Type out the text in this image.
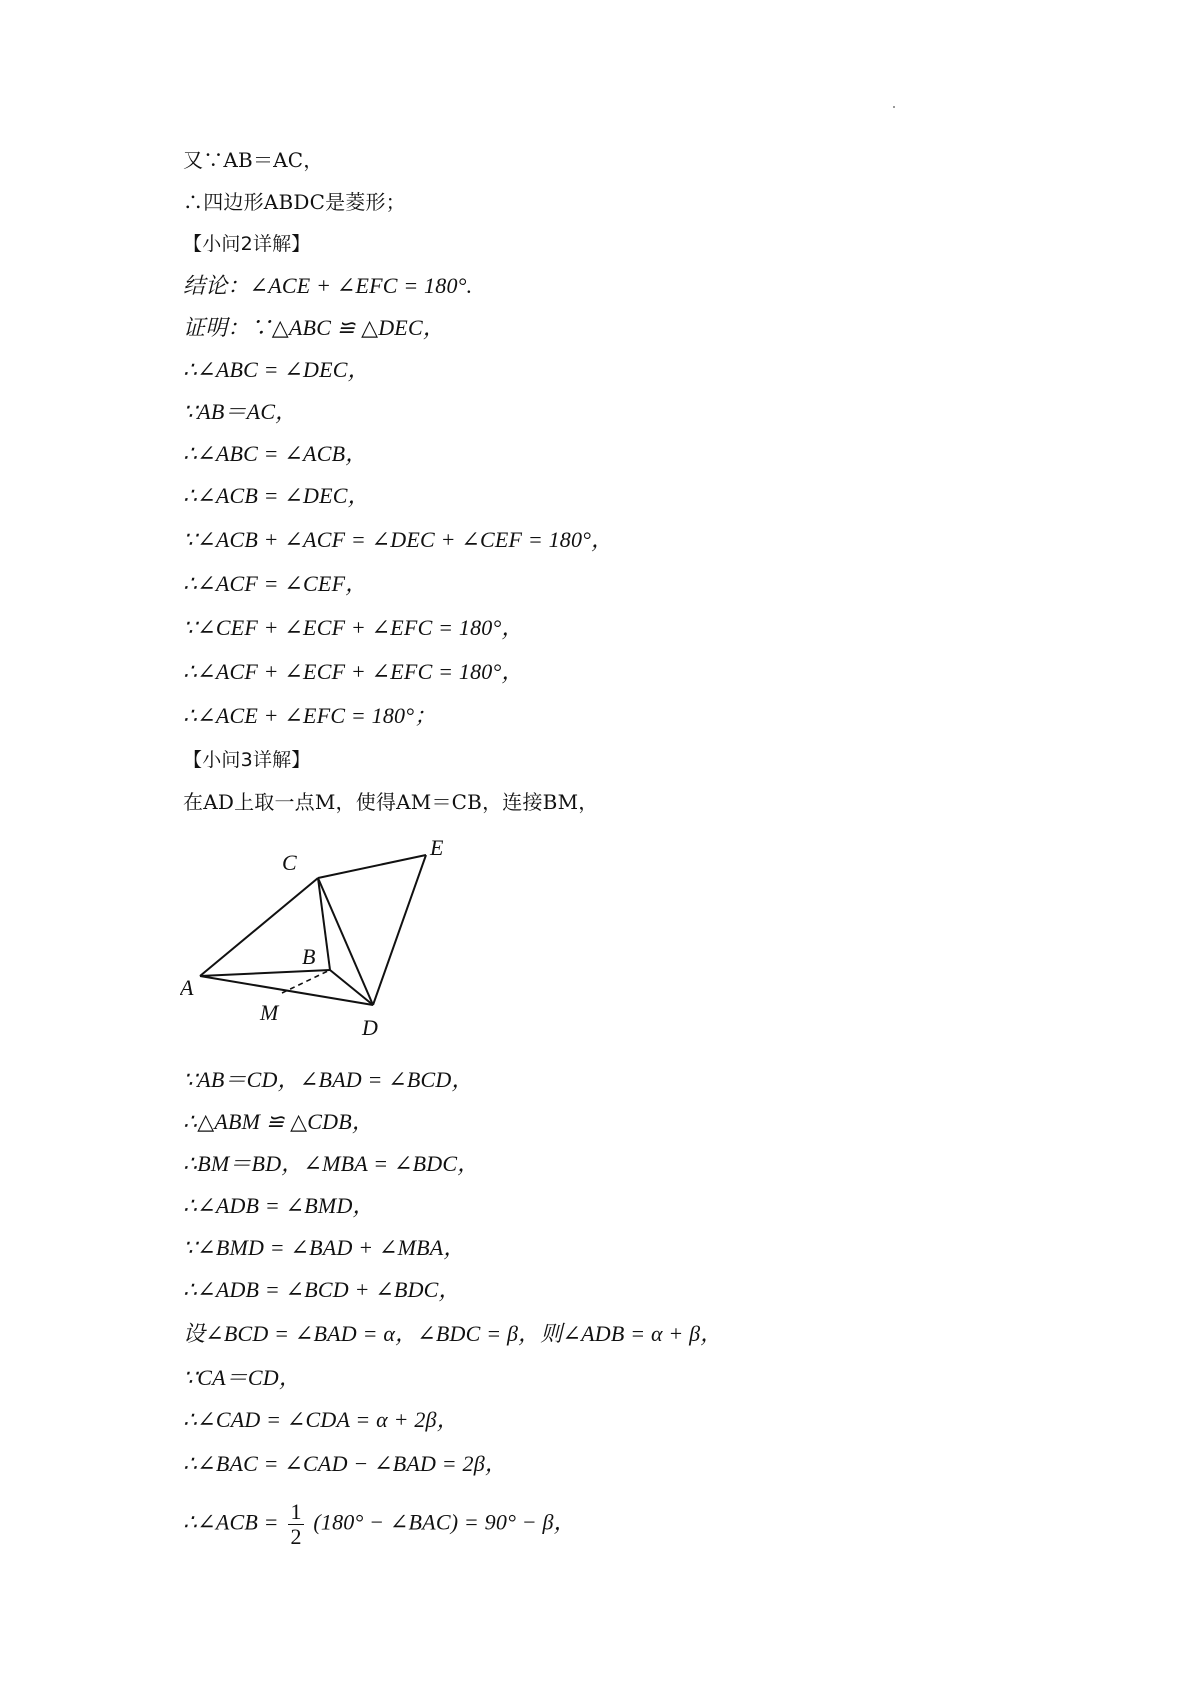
又∵AB＝AC，
∴四边形ABDC是菱形；
【小问2详解】
结论：∠ACE + ∠EFC = 180°.
证明：∵△ABC ≌ △DEC，
∴∠ABC = ∠DEC，
∵AB＝AC，
∴∠ABC = ∠ACB，
∴∠ACB = ∠DEC，
∵∠ACB + ∠ACF = ∠DEC + ∠CEF = 180°，
∴∠ACF = ∠CEF，
∵∠CEF + ∠ECF + ∠EFC = 180°，
∴∠ACF + ∠ECF + ∠EFC = 180°，
∴∠ACE + ∠EFC = 180°；
【小问3详解】
在AD上取一点M，使得AM＝CB，连接BM，
A
B
C
D
E
M
∵AB＝CD，∠BAD = ∠BCD，
∴△ABM ≌ △CDB，
∴BM＝BD，∠MBA = ∠BDC，
∴∠ADB = ∠BMD，
∵∠BMD = ∠BAD + ∠MBA，
∴∠ADB = ∠BCD + ∠BDC，
设∠BCD = ∠BAD = α，∠BDC = β，则∠ADB = α + β，
∵CA＝CD，
∴∠CAD = ∠CDA = α + 2β，
∴∠BAC = ∠CAD − ∠BAD = 2β，
∴∠ACB = $\frac{1}{2} (180^\circ$ − ∠BAC) = 90° − β，
